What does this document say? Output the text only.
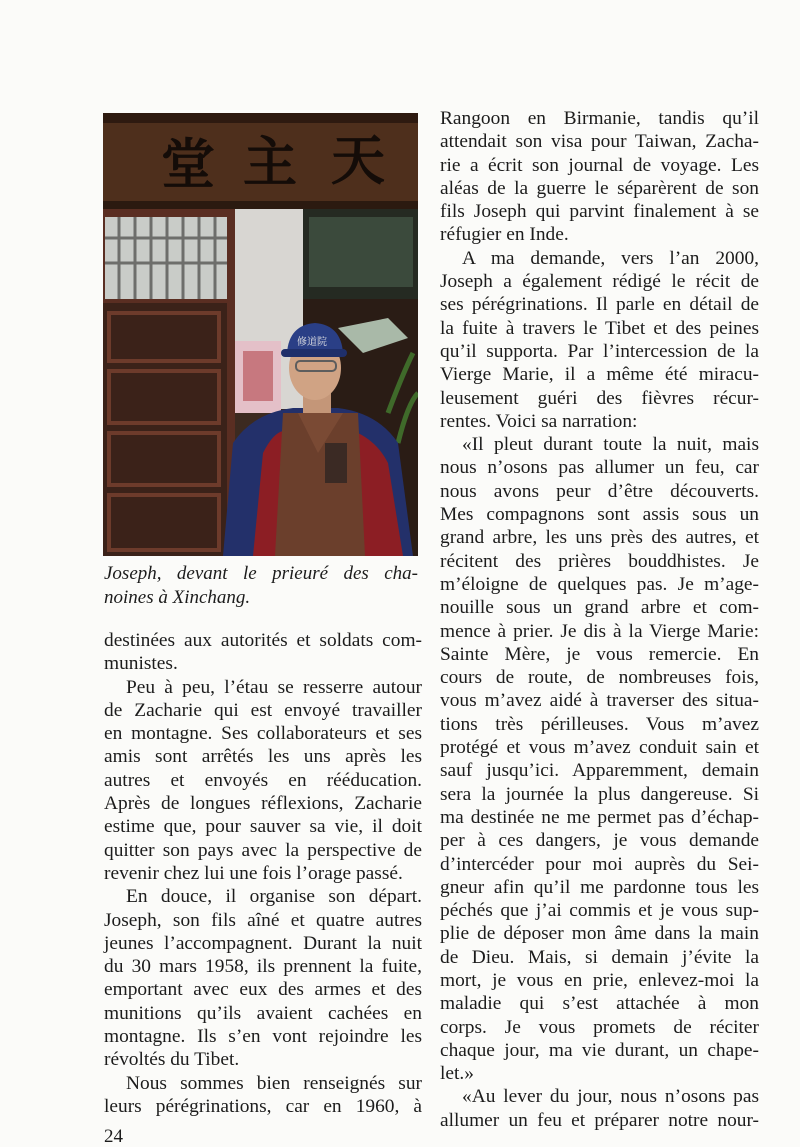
堂 主 天
修道院
Joseph, devant le prieuré des cha-
noines à Xinchang.
destinées aux autorités et soldats com-
munistes.
Peu à peu, l’étau se resserre autour
de Zacharie qui est envoyé travailler
en montagne. Ses collaborateurs et ses
amis sont arrêtés les uns après les
autres et envoyés en rééducation.
Après de longues réflexions, Zacharie
estime que, pour sauver sa vie, il doit
quitter son pays avec la perspective de
revenir chez lui une fois l’orage passé.
En douce, il organise son départ.
Joseph, son fils aîné et quatre autres
jeunes l’accompagnent. Durant la nuit
du 30 mars 1958, ils prennent la fuite,
emportant avec eux des armes et des
munitions qu’ils avaient cachées en
montagne. Ils s’en vont rejoindre les
révoltés du Tibet.
Nous sommes bien renseignés sur
leurs pérégrinations, car en 1960, à
Rangoon en Birmanie, tandis qu’il
attendait son visa pour Taiwan, Zacha-
rie a écrit son journal de voyage. Les
aléas de la guerre le séparèrent de son
fils Joseph qui parvint finalement à se
réfugier en Inde.
A ma demande, vers l’an 2000,
Joseph a également rédigé le récit de
ses pérégrinations. Il parle en détail de
la fuite à travers le Tibet et des peines
qu’il supporta. Par l’intercession de la
Vierge Marie, il a même été miracu-
leusement guéri des fièvres récur-
rentes. Voici sa narration:
«Il pleut durant toute la nuit, mais
nous n’osons pas allumer un feu, car
nous avons peur d’être découverts.
Mes compagnons sont assis sous un
grand arbre, les uns près des autres, et
récitent des prières bouddhistes. Je
m’éloigne de quelques pas. Je m’age-
nouille sous un grand arbre et com-
mence à prier. Je dis à la Vierge Marie:
Sainte Mère, je vous remercie. En
cours de route, de nombreuses fois,
vous m’avez aidé à traverser des situa-
tions très périlleuses. Vous m’avez
protégé et vous m’avez conduit sain et
sauf jusqu’ici. Apparemment, demain
sera la journée la plus dangereuse. Si
ma destinée ne me permet pas d’échap-
per à ces dangers, je vous demande
d’intercéder pour moi auprès du Sei-
gneur afin qu’il me pardonne tous les
péchés que j’ai commis et je vous sup-
plie de déposer mon âme dans la main
de Dieu. Mais, si demain j’évite la
mort, je vous en prie, enlevez-moi la
maladie qui s’est attachée à mon
corps. Je vous promets de réciter
chaque jour, ma vie durant, un chape-
let.»
«Au lever du jour, nous n’osons pas
allumer un feu et préparer notre nour-
24
